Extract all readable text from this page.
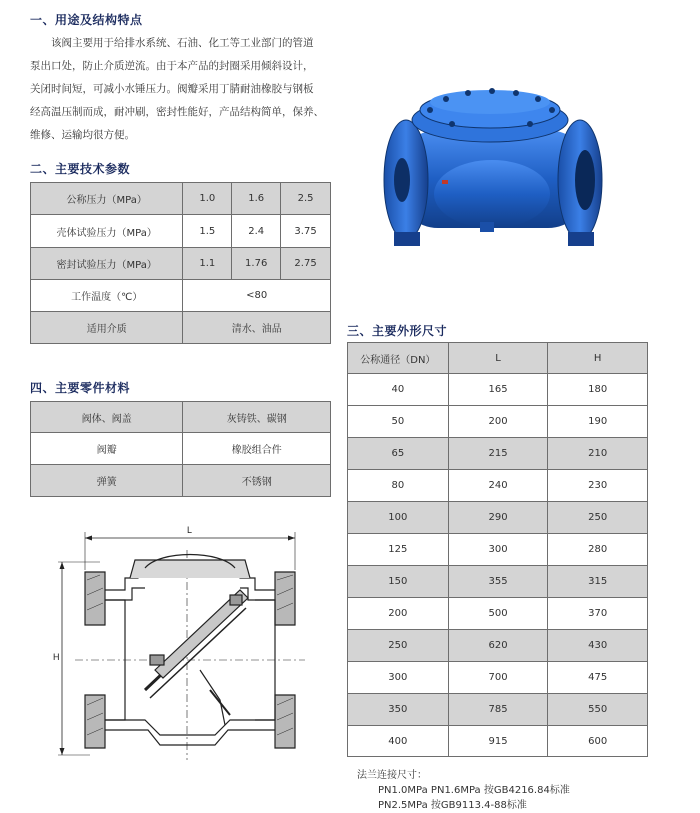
一、用途及结构特点
该阀主要用于给排水系统、石油、化工等工业部门的管道
泵出口处，防止介质逆流。由于本产品的封圈采用倾斜设计，
关闭时间短，可减小水锤压力。阀瓣采用丁腈耐油橡胶与钢板
经高温压制而成，耐冲刷，密封性能好，产品结构简单，保养、
维修、运输均很方便。
二、主要技术参数
公称压力（MPa）	1.0	1.6	2.5
壳体试验压力（MPa）	1.5	2.4	3.75
密封试验压力（MPa）	1.1	1.76	2.75
工作温度（℃）	<80		
适用介质	清水、油品		
四、主要零件材料
阀体、阀盖	灰铸铁、碳钢
阀瓣	橡胶组合件
弹簧	不锈钢
三、主要外形尺寸
公称通径（DN）	L	H
40	165	180
50	200	190
65	215	210
80	240	230
100	290	250
125	300	280
150	355	315
200	500	370
250	620	430
300	700	475
350	785	550
400	915	600
法兰连接尺寸：
PN1.0MPa PN1.6MPa 按GB4216.84标准
PN2.5MPa 按GB9113.4-88标准
L
H
